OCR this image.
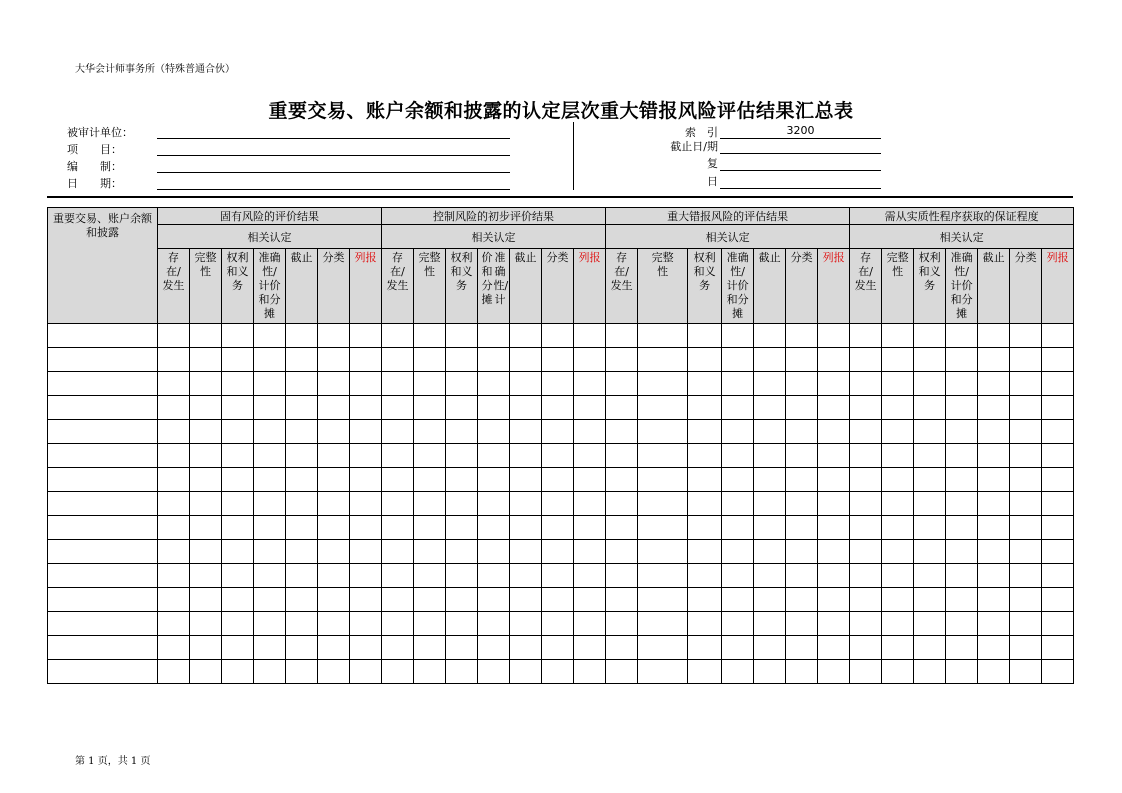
大华会计师事务所（特殊普通合伙）
重要交易、账户余额和披露的认定层次重大错报风险评估结果汇总表
被审计单位：
项　　目：
编　　制：
日　　期：
索　引	3200
截止日/期
复
日
重要交易、账户余额和披露	固有风险的评价结果							控制风险的初步评价结果							重大错报风险的评估结果							需从实质性程序获取的保证程度						
	相关认定							相关认定							相关认定							相关认定						
	存在/发生	完整性	权利和义务	准确性/计价和分摊	截止	分类	列报	存在/发生	完整性	权利和义务	价和分摊准确性/计	截止	分类	列报	存在/发生	完整性	权利和义务	准确性/计价和分摊	截止	分类	列报	存在/发生	完整性	权利和义务	准确性/计价和分摊	截止	分类	列报

第 1 页，共 1 页
